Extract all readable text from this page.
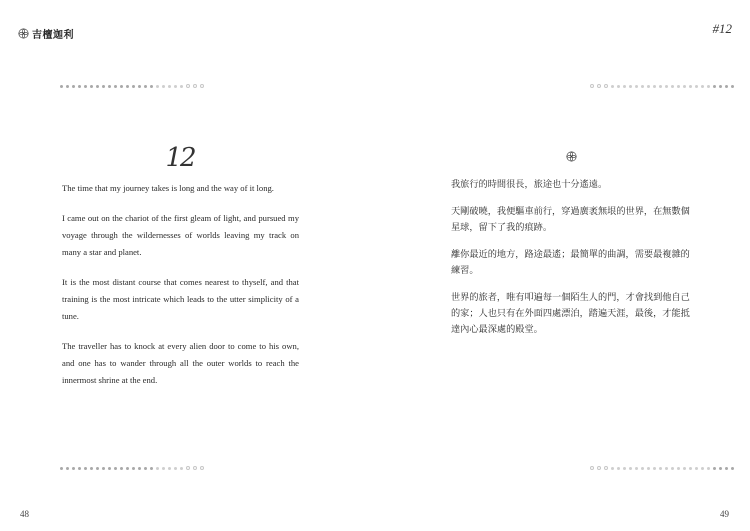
吉檀迦利	#12
12

The time that my journey takes is long and the way of it long.

I came out on the chariot of the first gleam of light, and pursued my voyage through the wildernesses of worlds leaving my track on many a star and planet.

It is the most distant course that comes nearest to thyself, and that training is the most intricate which leads to the utter simplicity of a tune.

The traveller has to knock at every alien door to come to his own, and one has to wander through all the outer worlds to reach the innermost shrine at the end.

我旅行的時間很長，旅途也十分遙遠。

天剛破曉，我便驅車前行，穿過廣袤無垠的世界，在無數個星球，留下了我的痕跡。

離你最近的地方，路途最遙；最簡單的曲調，需要最複雜的練習。

世界的旅者，唯有叩遍每一個陌生人的門，才會找到他自己的家；人也只有在外面四處漂泊，踏遍天涯，最後，才能抵達內心最深處的殿堂。

48	49
